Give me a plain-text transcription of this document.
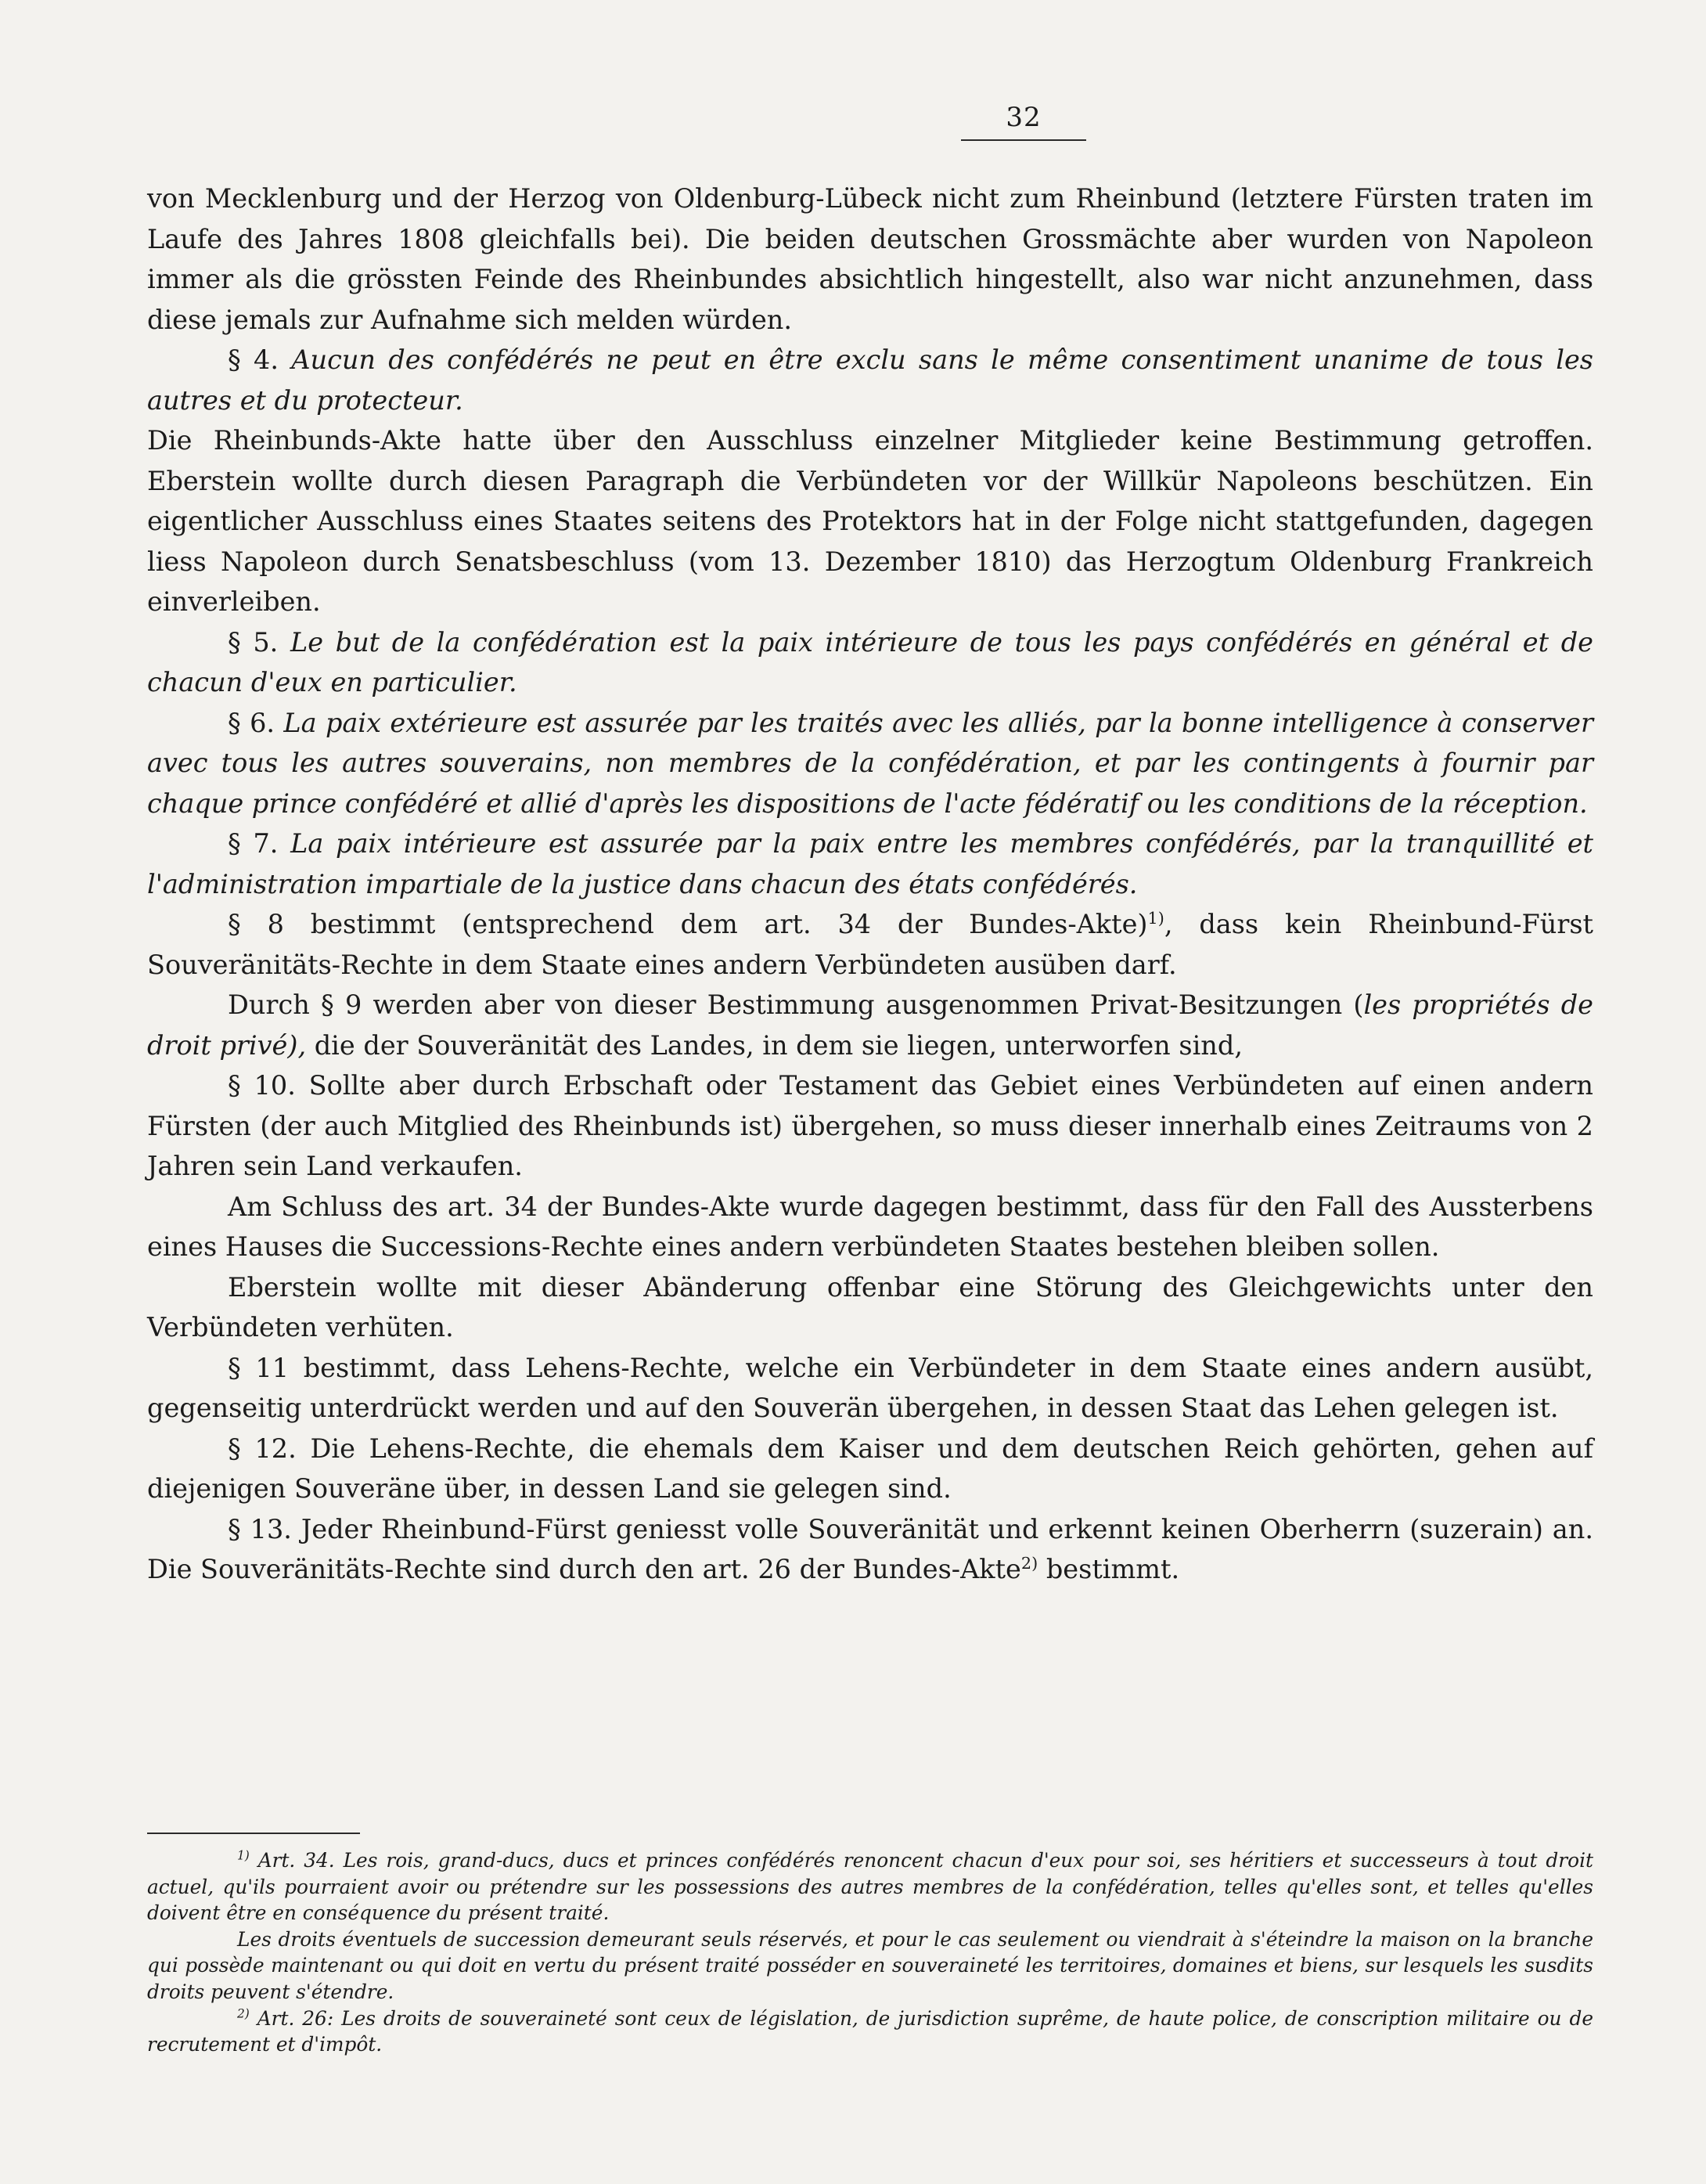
32

von Mecklenburg und der Herzog von Oldenburg-Lübeck nicht zum Rheinbund (letztere Fürsten traten im Laufe des Jahres 1808 gleichfalls bei). Die beiden deutschen Grossmächte aber wurden von Napoleon immer als die grössten Feinde des Rheinbundes absichtlich hingestellt, also war nicht anzunehmen, dass diese jemals zur Aufnahme sich melden würden.

§ 4. Aucun des confédérés ne peut en être exclu sans le même consentiment unanime de tous les autres et du protecteur.

Die Rheinbunds-Akte hatte über den Ausschluss einzelner Mitglieder keine Bestimmung getroffen. Eberstein wollte durch diesen Paragraph die Verbündeten vor der Willkür Napoleons beschützen. Ein eigentlicher Ausschluss eines Staates seitens des Protektors hat in der Folge nicht stattgefunden, dagegen liess Napoleon durch Senatsbeschluss (vom 13. Dezember 1810) das Herzogtum Oldenburg Frankreich einverleiben.

§ 5. Le but de la confédération est la paix intérieure de tous les pays confédérés en général et de chacun d'eux en particulier.

§ 6. La paix extérieure est assurée par les traités avec les alliés, par la bonne intelligence à conserver avec tous les autres souverains, non membres de la confédération, et par les contingents à fournir par chaque prince confédéré et allié d'après les dispositions de l'acte fédératif ou les conditions de la réception.

§ 7. La paix intérieure est assurée par la paix entre les membres confédérés, par la tranquillité et l'administration impartiale de la justice dans chacun des états confédérés.

§ 8 bestimmt (entsprechend dem art. 34 der Bundes-Akte)$^{1)}$, dass kein Rheinbund-Fürst Souveränitäts-Rechte in dem Staate eines andern Verbündeten ausüben darf.

Durch § 9 werden aber von dieser Bestimmung ausgenommen Privat-Besitzungen (les propriétés de droit privé), die der Souveränität des Landes, in dem sie liegen, unterworfen sind,

§ 10. Sollte aber durch Erbschaft oder Testament das Gebiet eines Verbündeten auf einen andern Fürsten (der auch Mitglied des Rheinbunds ist) übergehen, so muss dieser innerhalb eines Zeitraums von 2 Jahren sein Land verkaufen.

Am Schluss des art. 34 der Bundes-Akte wurde dagegen bestimmt, dass für den Fall des Aussterbens eines Hauses die Successions-Rechte eines andern verbündeten Staates bestehen bleiben sollen.

Eberstein wollte mit dieser Abänderung offenbar eine Störung des Gleichgewichts unter den Verbündeten verhüten.

§ 11 bestimmt, dass Lehens-Rechte, welche ein Verbündeter in dem Staate eines andern ausübt, gegenseitig unterdrückt werden und auf den Souverän übergehen, in dessen Staat das Lehen gelegen ist.

§ 12. Die Lehens-Rechte, die ehemals dem Kaiser und dem deutschen Reich gehörten, gehen auf diejenigen Souveräne über, in dessen Land sie gelegen sind.

§ 13. Jeder Rheinbund-Fürst geniesst volle Souveränität und erkennt keinen Oberherrn (suzerain) an. Die Souveränitäts-Rechte sind durch den art. 26 der Bundes-Akte$^{2)}$ bestimmt.

$^{1)}$ Art. 34. Les rois, grand-ducs, ducs et princes confédérés renoncent chacun d'eux pour soi, ses héritiers et successeurs à tout droit actuel, qu'ils pourraient avoir ou prétendre sur les possessions des autres membres de la confédération, telles qu'elles sont, et telles qu'elles doivent être en conséquence du présent traité.

Les droits éventuels de succession demeurant seuls réservés, et pour le cas seulement ou viendrait à s'éteindre la maison on la branche qui possède maintenant ou qui doit en vertu du présent traité posséder en souveraineté les territoires, domaines et biens, sur lesquels les susdits droits peuvent s'étendre.

$^{2)}$ Art. 26: Les droits de souveraineté sont ceux de législation, de jurisdiction suprême, de haute police, de conscription militaire ou de recrutement et d'impôt.
